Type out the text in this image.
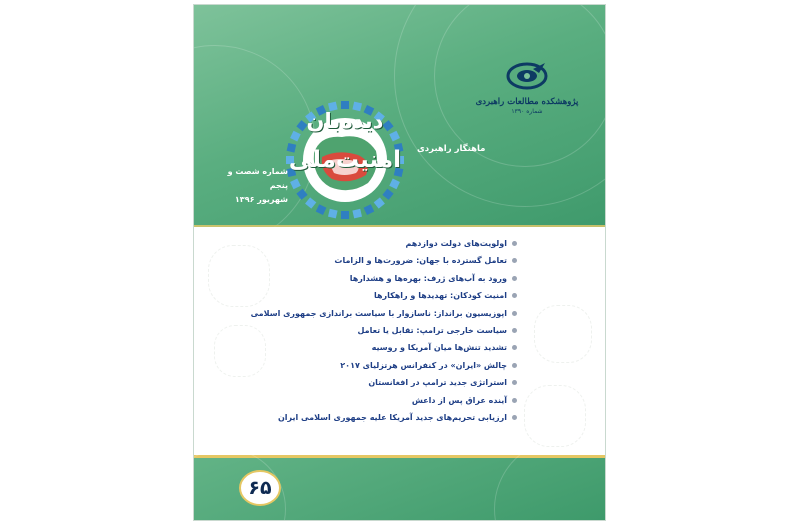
پژوهشکده مطالعات راهبردی
شماره ۱۳۹۰
دیده‌بان
امنیت‌ملی	ماهنگار راهبردی
شماره شصت و پنجم
شهریور ۱۳۹۶
اولویت‌های دولت دوازدهم
تعامل گسترده با جهان: ضرورت‌ها و الزامات
ورود به آب‌های ژرف: بهره‌ها و هشدارها
امنیت کودکان: تهدیدها و راهکارها
اپوزیسیون برانداز: ناسازوار با سیاست براندازی جمهوری اسلامی
سیاست خارجی ترامپ: تقابل یا تعامل
تشدید تنش‌ها میان آمریکا و روسیه
چالش «ایران» در کنفرانس هرتزلیای ۲۰۱۷
استراتژی جدید ترامپ در افغانستان
آینده عراق پس از داعش
ارزیابی تحریم‌های جدید آمریکا علیه جمهوری اسلامی ایران
۶۵
